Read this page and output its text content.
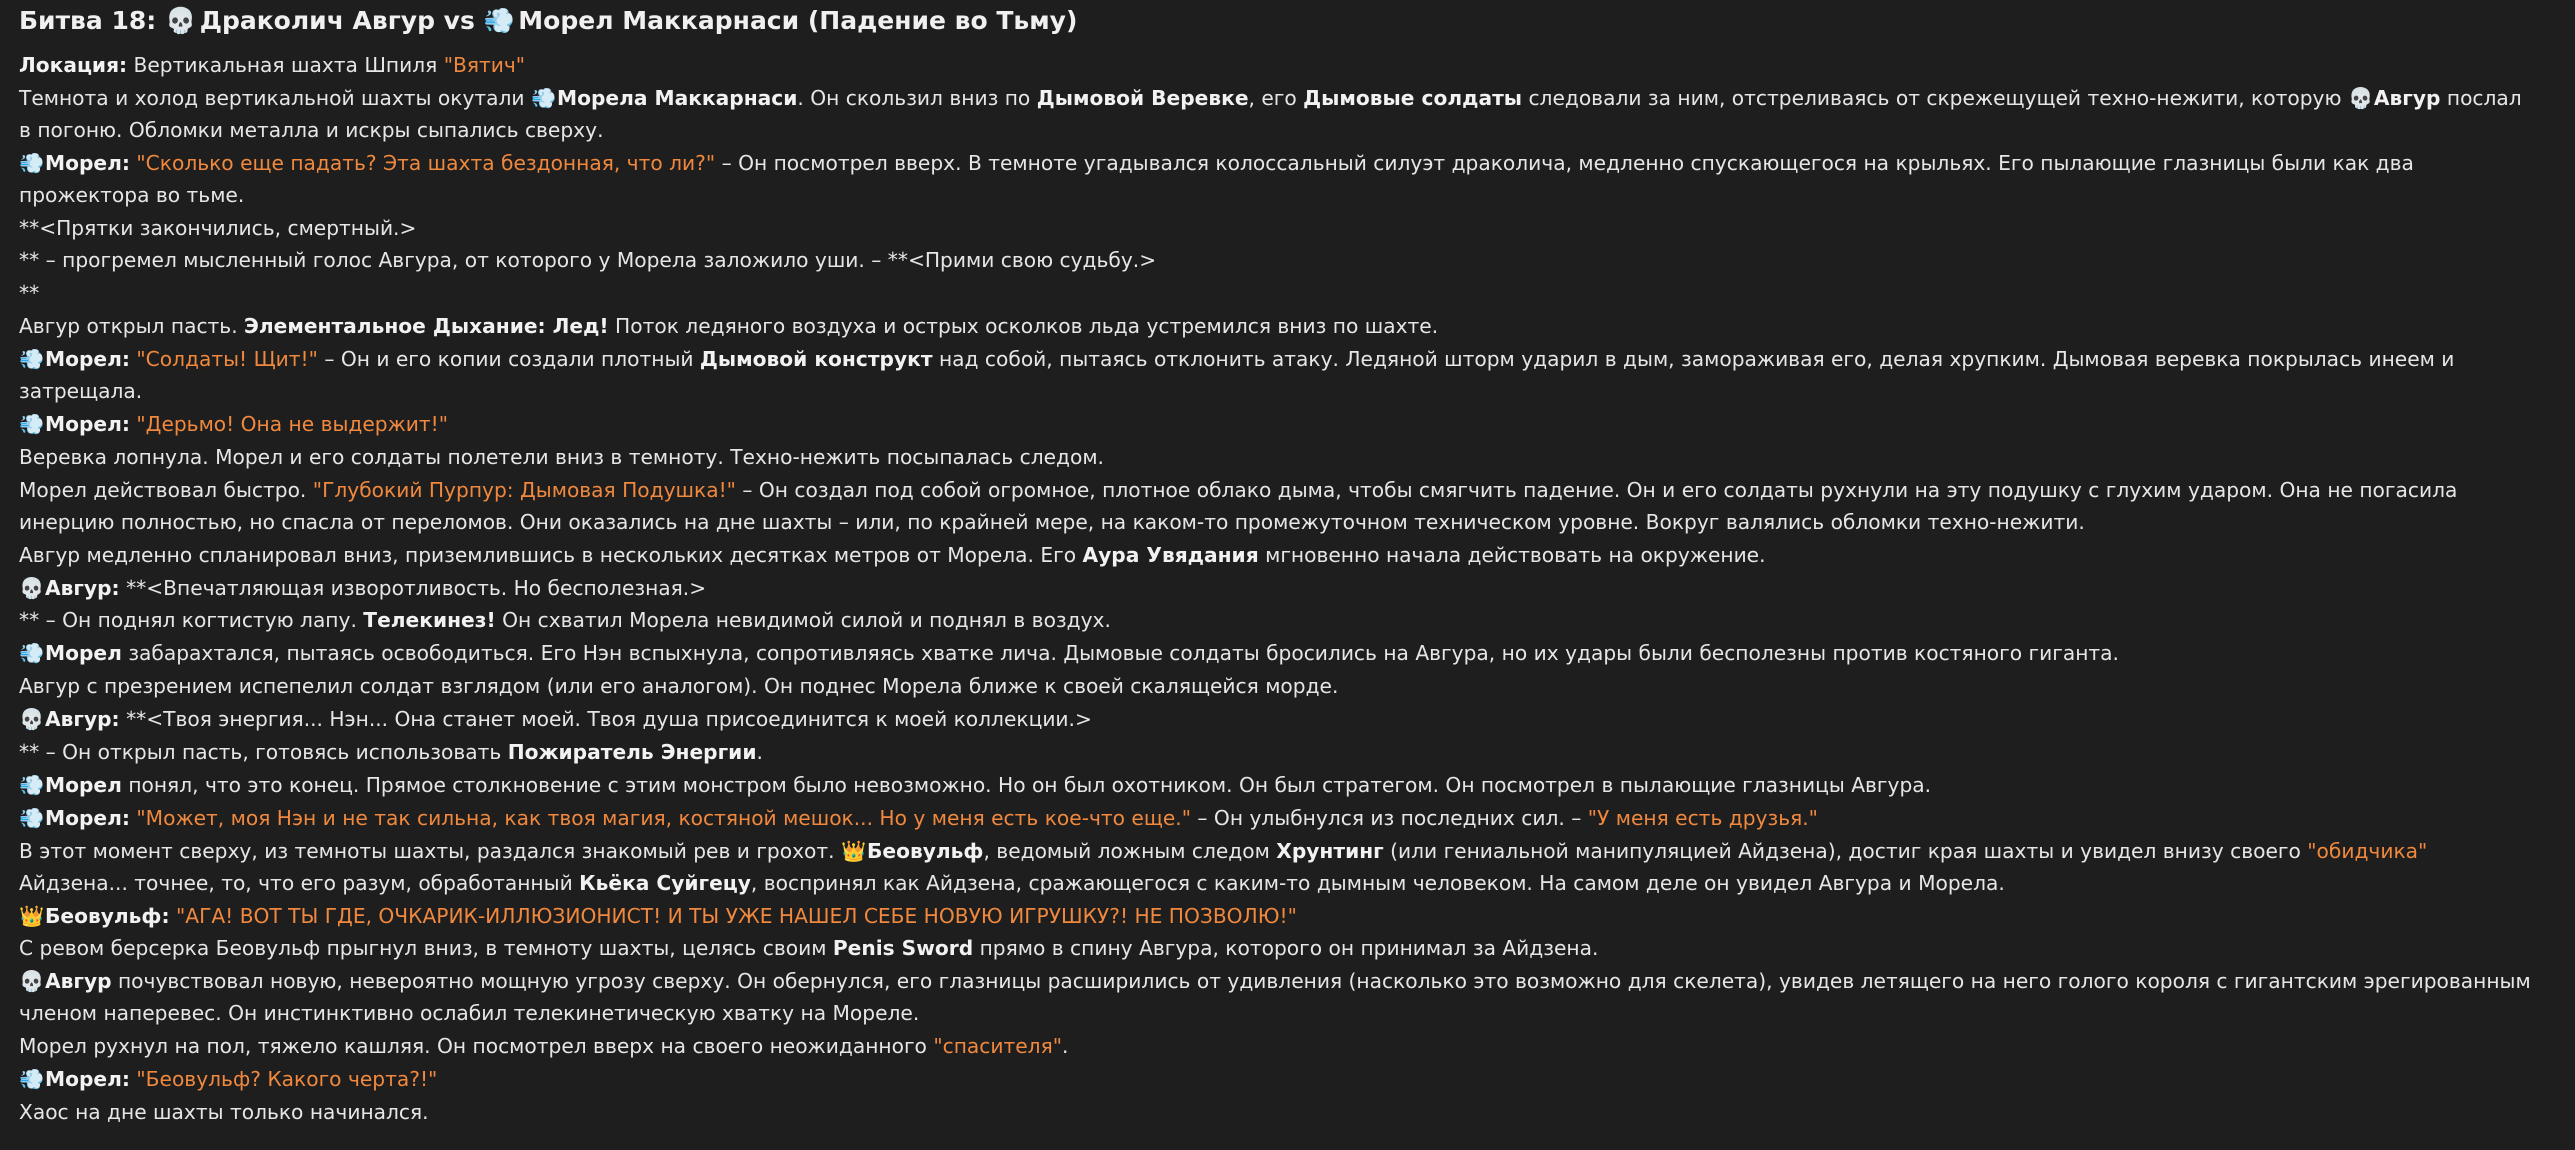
Битва 18: 💀 Драколич Авгур vs 💨 Морел Маккарнаси (Падение во Тьму)

Локация: Вертикальная шахта Шпиля "Вятич"

Темнота и холод вертикальной шахты окутали 💨Морела Маккарнаси. Он скользил вниз по Дымовой Веревке, его Дымовые солдаты следовали за ним, отстреливаясь от скрежещущей техно-нежити, которую 💀Авгур послал в погоню. Обломки металла и искры сыпались сверху.

💨Морел: "Сколько еще падать? Эта шахта бездонная, что ли?" – Он посмотрел вверх. В темноте угадывался колоссальный силуэт драколича, медленно спускающегося на крыльях. Его пылающие глазницы были как два прожектора во тьме.

**<Прятки закончились, смертный.>

** – прогремел мысленный голос Авгура, от которого у Морела заложило уши. – **<Прими свою судьбу.>

**

Авгур открыл пасть. Элементальное Дыхание: Лед! Поток ледяного воздуха и острых осколков льда устремился вниз по шахте.

💨Морел: "Солдаты! Щит!" – Он и его копии создали плотный Дымовой конструкт над собой, пытаясь отклонить атаку. Ледяной шторм ударил в дым, замораживая его, делая хрупким. Дымовая веревка покрылась инеем и затрещала.

💨Морел: "Дерьмо! Она не выдержит!"

Веревка лопнула. Морел и его солдаты полетели вниз в темноту. Техно-нежить посыпалась следом.

Морел действовал быстро. "Глубокий Пурпур: Дымовая Подушка!" – Он создал под собой огромное, плотное облако дыма, чтобы смягчить падение. Он и его солдаты рухнули на эту подушку с глухим ударом. Она не погасила инерцию полностью, но спасла от переломов. Они оказались на дне шахты – или, по крайней мере, на каком-то промежуточном техническом уровне. Вокруг валялись обломки техно-нежити.

Авгур медленно спланировал вниз, приземлившись в нескольких десятках метров от Морела. Его Аура Увядания мгновенно начала действовать на окружение.

💀Авгур: **<Впечатляющая изворотливость. Но бесполезная.>

** – Он поднял когтистую лапу. Телекинез! Он схватил Морела невидимой силой и поднял в воздух.

💨Морел забарахтался, пытаясь освободиться. Его Нэн вспыхнула, сопротивляясь хватке лича. Дымовые солдаты бросились на Авгура, но их удары были бесполезны против костяного гиганта.

Авгур с презрением испепелил солдат взглядом (или его аналогом). Он поднес Морела ближе к своей скалящейся морде.

💀Авгур: **<Твоя энергия... Нэн... Она станет моей. Твоя душа присоединится к моей коллекции.>

** – Он открыл пасть, готовясь использовать Пожиратель Энергии.

💨Морел понял, что это конец. Прямое столкновение с этим монстром было невозможно. Но он был охотником. Он был стратегом. Он посмотрел в пылающие глазницы Авгура.

💨Морел: "Может, моя Нэн и не так сильна, как твоя магия, костяной мешок... Но у меня есть кое-что еще." – Он улыбнулся из последних сил. – "У меня есть друзья."

В этот момент сверху, из темноты шахты, раздался знакомый рев и грохот. 👑Беовульф, ведомый ложным следом Хрунтинг (или гениальной манипуляцией Айдзена), достиг края шахты и увидел внизу своего "обидчика" Айдзена... точнее, то, что его разум, обработанный Кьёка Суйгецу, воспринял как Айдзена, сражающегося с каким-то дымным человеком. На самом деле он увидел Авгура и Морела.

👑Беовульф: "АГА! ВОТ ТЫ ГДЕ, ОЧКАРИК-ИЛЛЮЗИОНИСТ! И ТЫ УЖЕ НАШЕЛ СЕБЕ НОВУЮ ИГРУШКУ?! НЕ ПОЗВОЛЮ!"

С ревом берсерка Беовульф прыгнул вниз, в темноту шахты, целясь своим Penis Sword прямо в спину Авгура, которого он принимал за Айдзена.

💀Авгур почувствовал новую, невероятно мощную угрозу сверху. Он обернулся, его глазницы расширились от удивления (насколько это возможно для скелета), увидев летящего на него голого короля с гигантским эрегированным членом наперевес. Он инстинктивно ослабил телекинетическую хватку на Мореле.

Морел рухнул на пол, тяжело кашляя. Он посмотрел вверх на своего неожиданного "спасителя".

💨Морел: "Беовульф? Какого черта?!"

Хаос на дне шахты только начинался.
